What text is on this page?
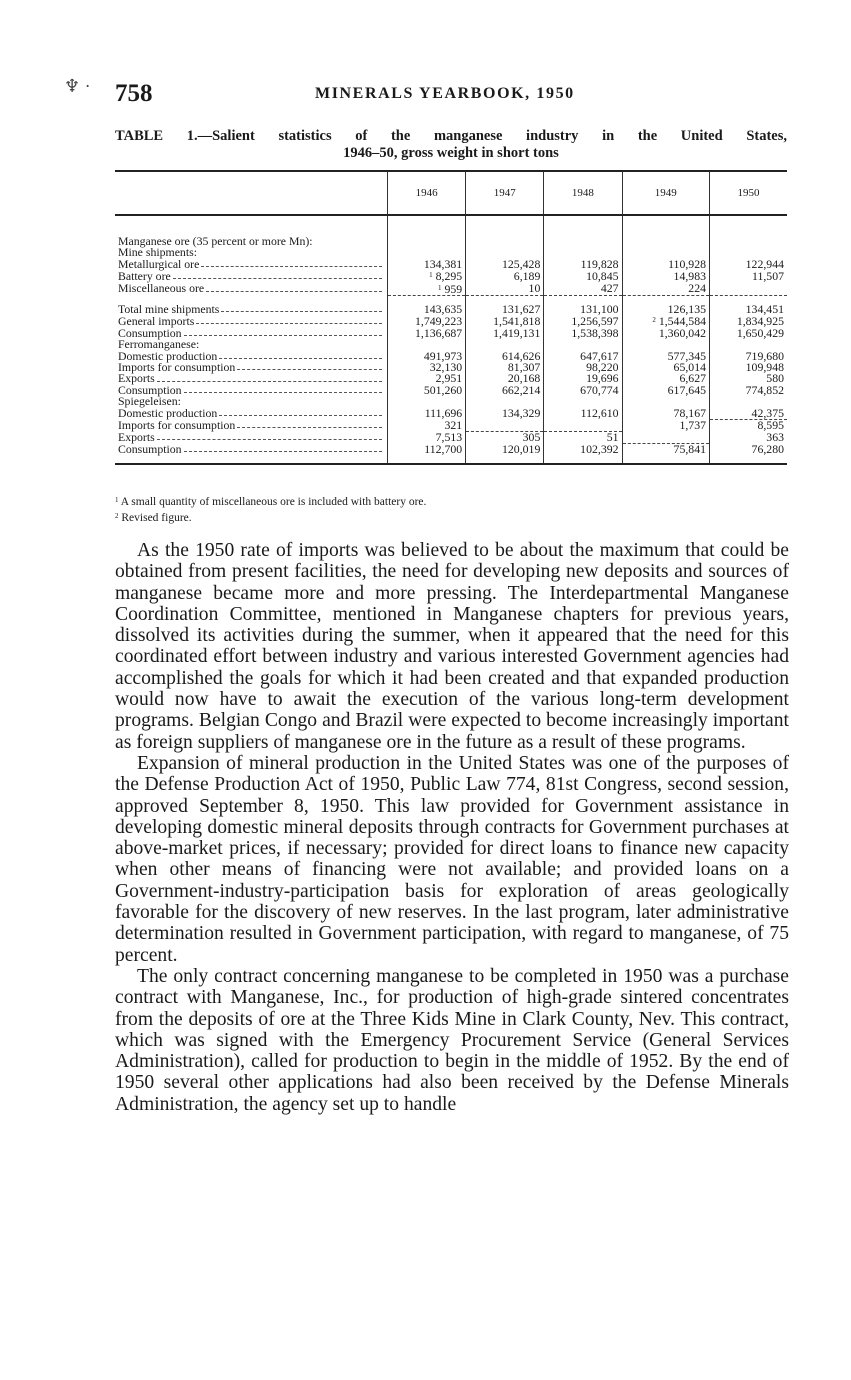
♆ · 758	MINERALS YEARBOOK, 1950
TABLE 1.—Salient statistics of the manganese industry in the United States,
1946–50, gross weight in short tons
	1946	1947	1948	1949	1950

Manganese ore (35 percent or more Mn):					
Mine shipments:					

Metallurgical ore	134,381	125,428	119,828	110,928	122,944

Battery ore	$^1$ 8,295	6,189	10,845	14,983	11,507

Miscellaneous ore	$^1$ 959	10	427	224	

Total mine shipments	143,635	131,627	131,100	126,135	134,451

General imports	1,749,223	1,541,818	1,256,597	$^2$ 1,544,584	1,834,925

Consumption	1,136,687	1,419,131	1,538,398	1,360,042	1,650,429
Ferromanganese:					

Domestic production	491,973	614,626	647,617	577,345	719,680

Imports for consumption	32,130	81,307	98,220	65,014	109,948

Exports	2,951	20,168	19,696	6,627	580

Consumption	501,260	662,214	670,774	617,645	774,852
Spiegeleisen:					

Domestic production	111,696	134,329	112,610	78,167	42,375

Imports for consumption	321			1,737	8,595

Exports	7,513	305	51		363

Consumption	112,700	120,019	102,392	75,841	76,280
$^1$ A small quantity of miscellaneous ore is included with battery ore.
$^2$ Revised figure.

As the 1950 rate of imports was believed to be about the maximum that could be obtained from present facilities, the need for developing new deposits and sources of manganese became more and more pressing. The Interdepartmental Manganese Coordination Committee, mentioned in Manganese chapters for previous years, dissolved its activities during the summer, when it appeared that the need for this coordinated effort between industry and various interested Government agencies had accomplished the goals for which it had been created and that expanded production would now have to await the execution of the various long-term development programs. Belgian Congo and Brazil were expected to become increasingly important as foreign suppliers of manganese ore in the future as a result of these programs.

Expansion of mineral production in the United States was one of the purposes of the Defense Production Act of 1950, Public Law 774, 81st Congress, second session, approved September 8, 1950. This law provided for Government assistance in developing domestic mineral deposits through contracts for Government purchases at above-market prices, if necessary; provided for direct loans to finance new capacity when other means of financing were not available; and provided loans on a Government-industry-participation basis for exploration of areas geologically favorable for the discovery of new reserves. In the last program, later administrative determination resulted in Government participation, with regard to manganese, of 75 percent.

The only contract concerning manganese to be completed in 1950 was a purchase contract with Manganese, Inc., for production of high-grade sintered concentrates from the deposits of ore at the Three Kids Mine in Clark County, Nev. This contract, which was signed with the Emergency Procurement Service (General Services Administration), called for production to begin in the middle of 1952. By the end of 1950 several other applications had also been received by the Defense Minerals Administration, the agency set up to handle
